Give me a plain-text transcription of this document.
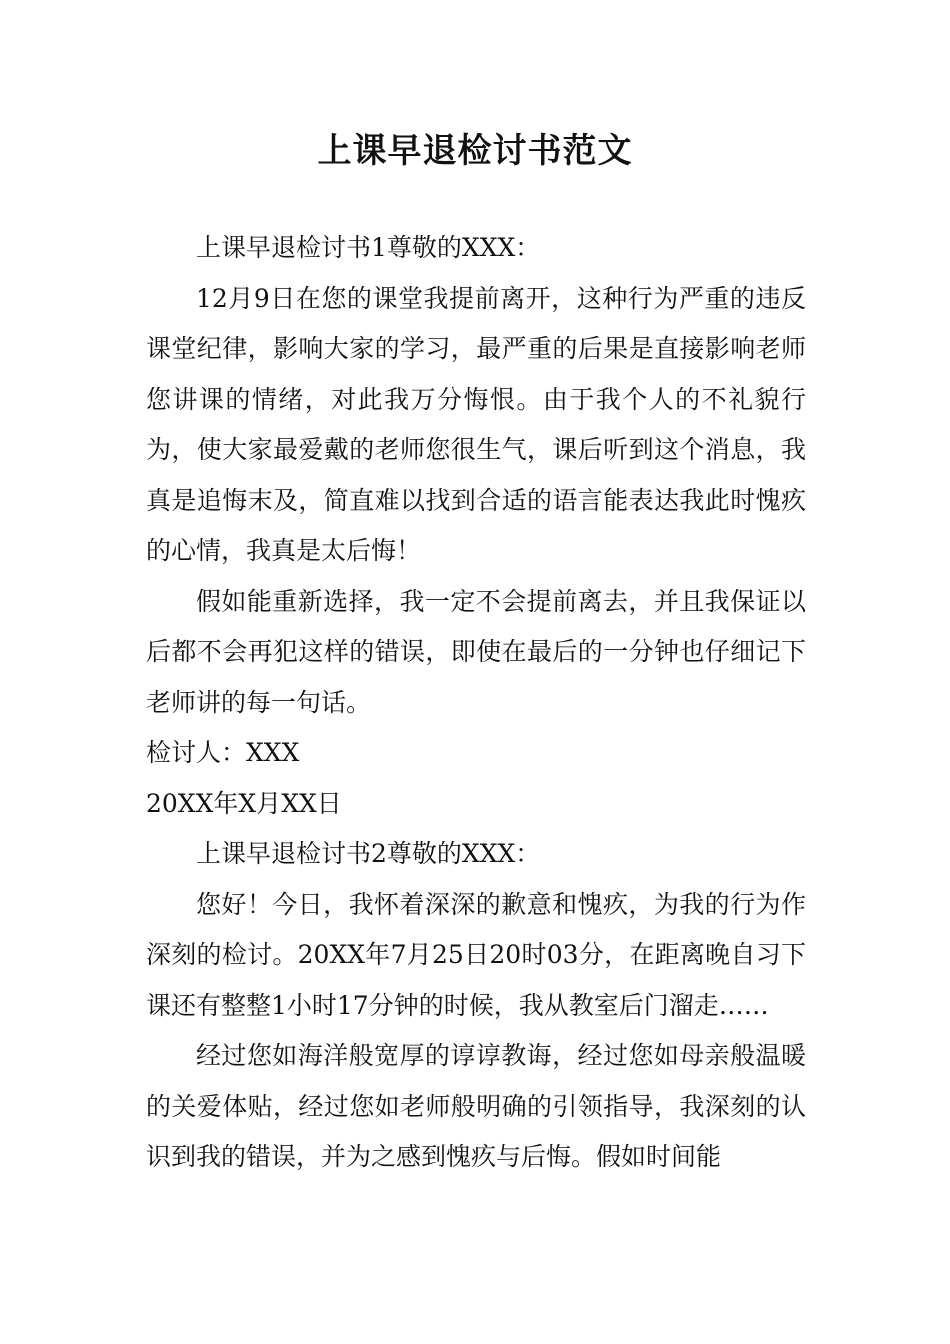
上课早退检讨书范文

上课早退检讨书1尊敬的XXX：

12月9日在您的课堂我提前离开，这种行为严重的违反课堂纪律，影响大家的学习，最严重的后果是直接影响老师您讲课的情绪，对此我万分悔恨。由于我个人的不礼貌行为，使大家最爱戴的老师您很生气，课后听到这个消息，我真是追悔末及，简直难以找到合适的语言能表达我此时愧疚的心情，我真是太后悔！

假如能重新选择，我一定不会提前离去，并且我保证以后都不会再犯这样的错误，即使在最后的一分钟也仔细记下老师讲的每一句话。

检讨人：XXX

20XX年X月XX日

上课早退检讨书2尊敬的XXX：

您好！今日，我怀着深深的歉意和愧疚，为我的行为作深刻的检讨。20XX年7月25日20时03分，在距离晚自习下课还有整整1小时17分钟的时候，我从教室后门溜走……

经过您如海洋般宽厚的谆谆教诲，经过您如母亲般温暖的关爱体贴，经过您如老师般明确的引领指导，我深刻的认识到我的错误，并为之感到愧疚与后悔。假如时间能
